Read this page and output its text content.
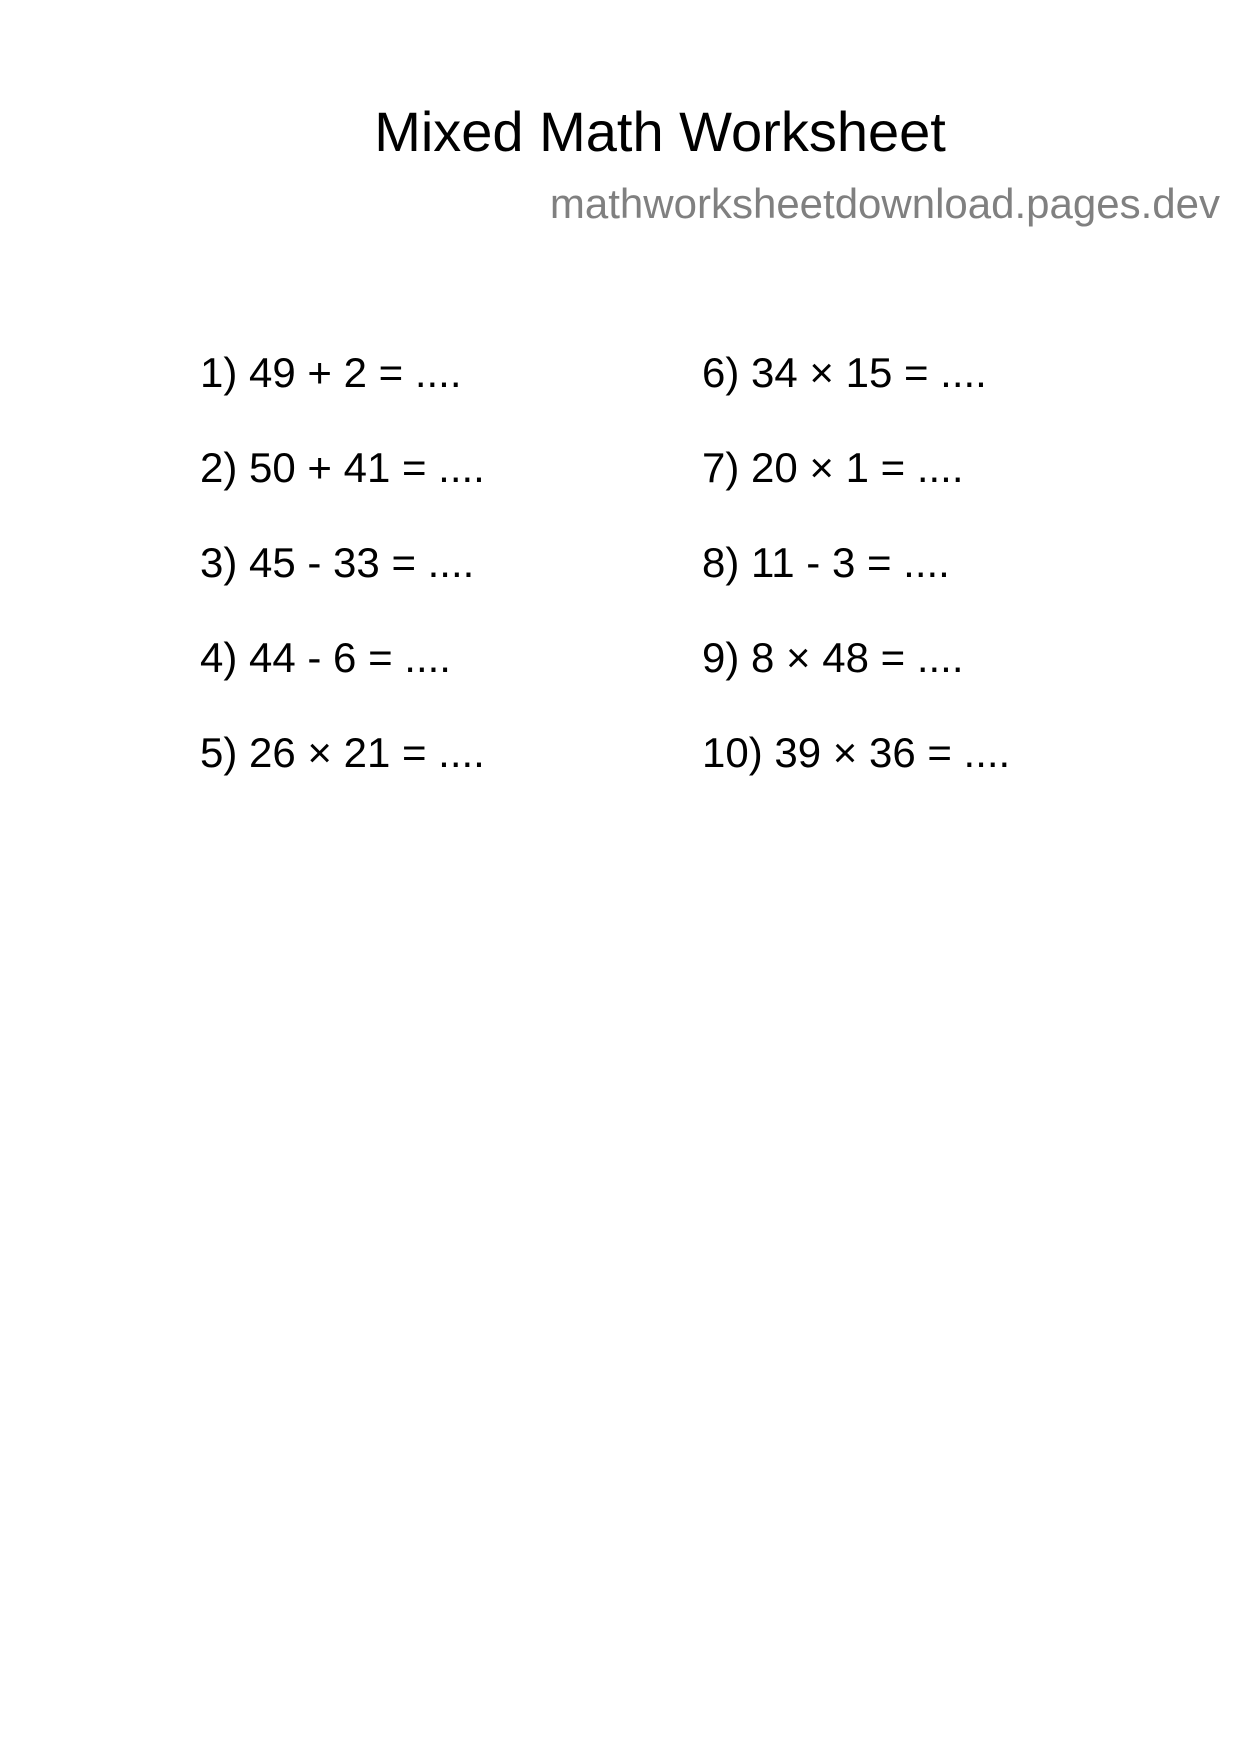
Mixed Math Worksheet
mathworksheetdownload.pages.dev
1) 49 + 2 = ....
2) 50 + 41 = ....
3) 45 - 33 = ....
4) 44 - 6 = ....
5) 26 × 21 = ....
6) 34 × 15 = ....
7) 20 × 1 = ....
8) 11 - 3 = ....
9) 8 × 48 = ....
10) 39 × 36 = ....
